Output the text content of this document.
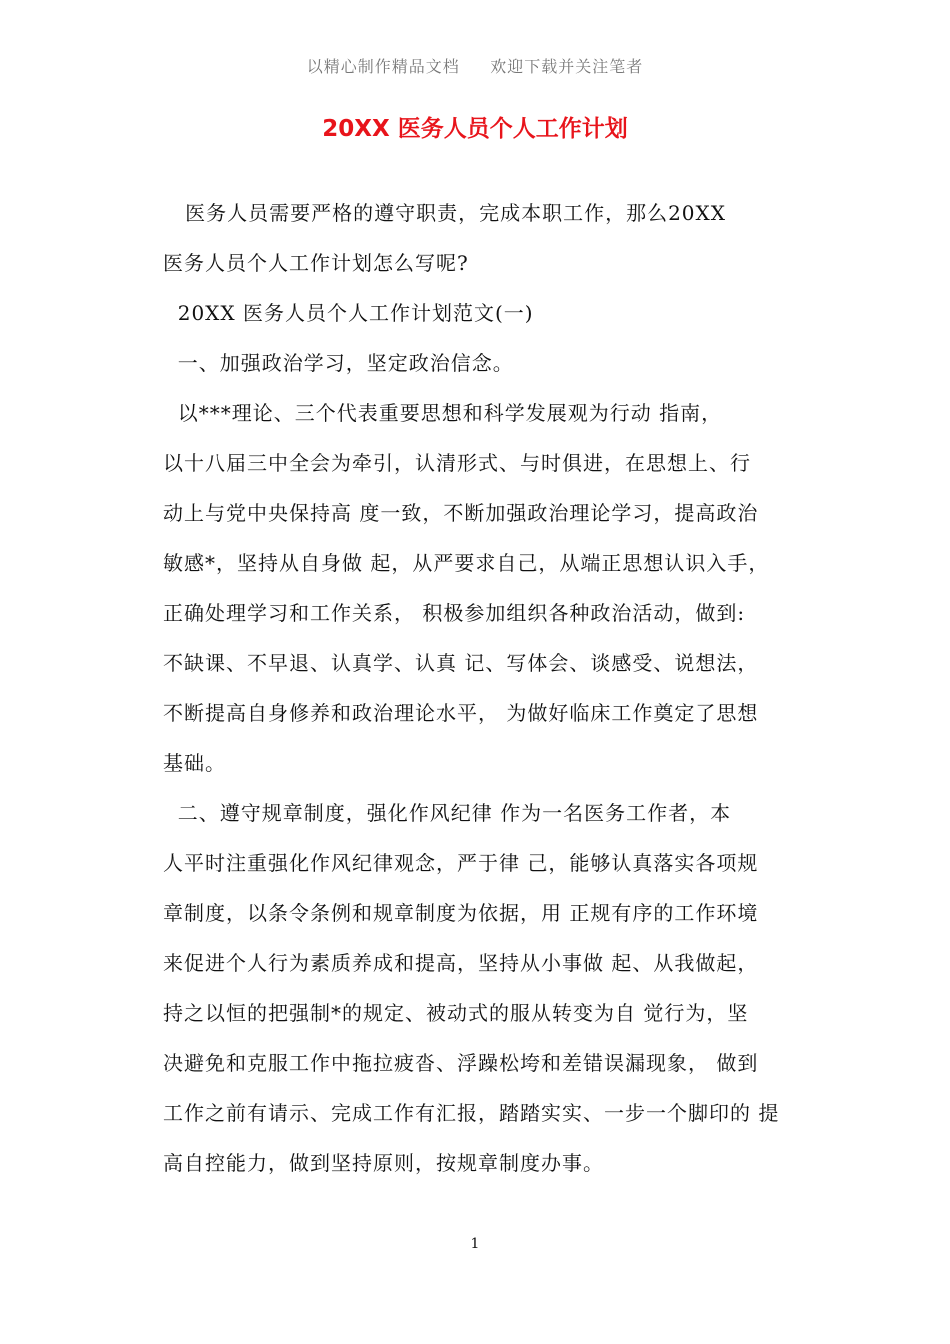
以精心制作精品文档     欢迎下载并关注笔者
20XX 医务人员个人工作计划
医务人员需要严格的遵守职责，完成本职工作，那么20XX
医务人员个人工作计划怎么写呢?
20XX 医务人员个人工作计划范文(一)
一、加强政治学习，坚定政治信念。
以***理论、三个代表重要思想和科学发展观为行动 指南，
以十八届三中全会为牵引，认清形式、与时俱进，在思想上、行
动上与党中央保持高 度一致，不断加强政治理论学习，提高政治
敏感*，坚持从自身做 起，从严要求自己，从端正思想认识入手，
正确处理学习和工作关系， 积极参加组织各种政治活动，做到:
不缺课、不早退、认真学、认真 记、写体会、谈感受、说想法，
不断提高自身修养和政治理论水平， 为做好临床工作奠定了思想
基础。
二、遵守规章制度，强化作风纪律 作为一名医务工作者，本
人平时注重强化作风纪律观念，严于律 己，能够认真落实各项规
章制度，以条令条例和规章制度为依据，用 正规有序的工作环境
来促进个人行为素质养成和提高，坚持从小事做 起、从我做起，
持之以恒的把强制*的规定、被动式的服从转变为自 觉行为，坚
决避免和克服工作中拖拉疲沓、浮躁松垮和差错误漏现象， 做到
工作之前有请示、完成工作有汇报，踏踏实实、一步一个脚印的 提
高自控能力，做到坚持原则，按规章制度办事。
1
